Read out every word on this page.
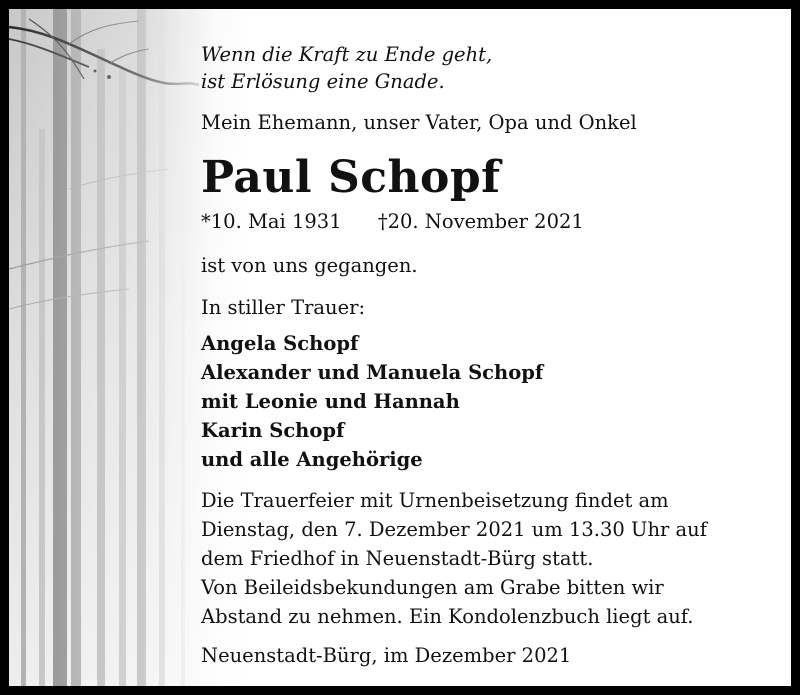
Wenn die Kraft zu Ende geht,
ist Erlösung eine Gnade.
Mein Ehemann, unser Vater, Opa und Onkel
Paul Schopf
*10. Mai 1931 †20. November 2021
ist von uns gegangen.
In stiller Trauer:
Angela Schopf
Alexander und Manuela Schopf
mit Leonie und Hannah
Karin Schopf
und alle Angehörige
Die Trauerfeier mit Urnenbeisetzung findet am
Dienstag, den 7. Dezember 2021 um 13.30 Uhr auf
dem Friedhof in Neuenstadt-Bürg statt.
Von Beileidsbekundungen am Grabe bitten wir
Abstand zu nehmen. Ein Kondolenzbuch liegt auf.
Neuenstadt-Bürg, im Dezember 2021
